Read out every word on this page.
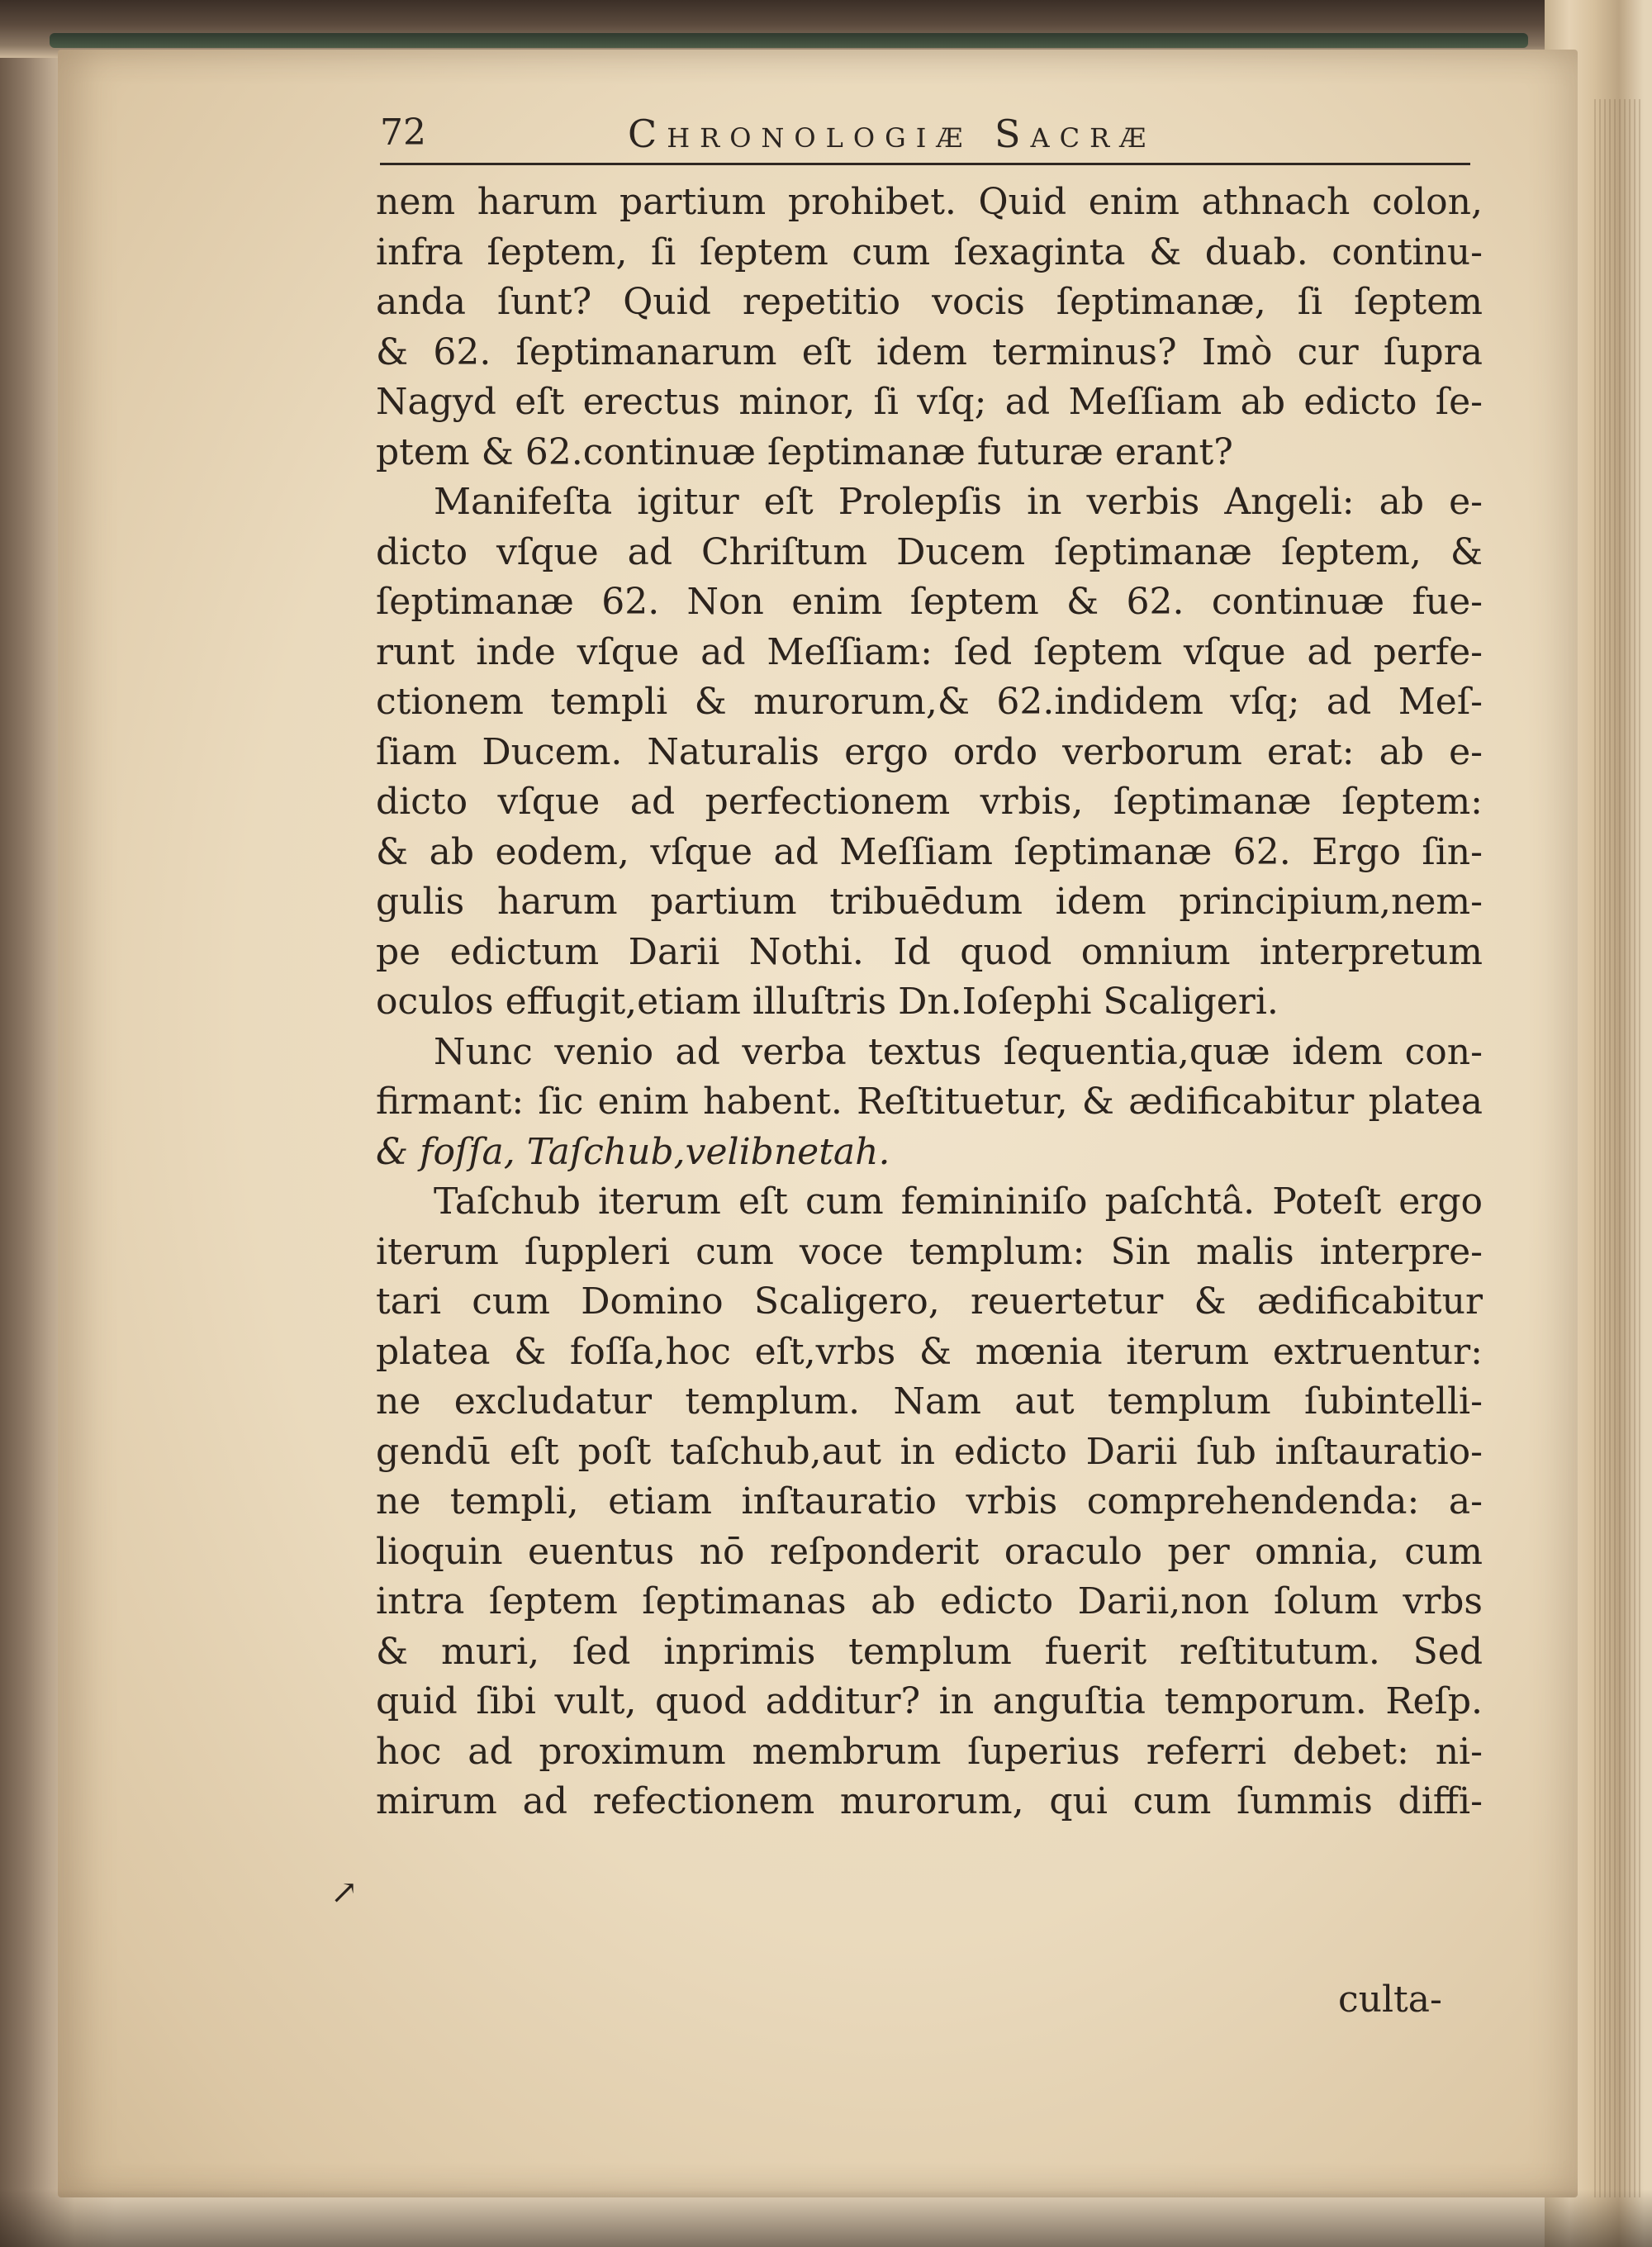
72	Chronologiæ Sacræ
nem harum partium prohibet. Quid enim athnach colon,
infra ſeptem, ſi ſeptem cum ſexaginta & duab. continu-
anda ſunt? Quid repetitio vocis ſeptimanæ, ſi ſeptem
& 62. ſeptimanarum eſt idem terminus? Imò cur ſupra
Nagyd eſt erectus minor, ſi vſq; ad Meſſiam ab edicto ſe-
ptem & 62.continuæ ſeptimanæ futuræ erant?
Manifeſta igitur eſt Prolepſis in verbis Angeli: ab e-
dicto vſque ad Chriſtum Ducem ſeptimanæ ſeptem, &
ſeptimanæ 62. Non enim ſeptem & 62. continuæ fue-
runt inde vſque ad Meſſiam: ſed ſeptem vſque ad perfe-
ctionem templi & murorum,& 62.indidem vſq; ad Meſ-
ſiam Ducem. Naturalis ergo ordo verborum erat: ab e-
dicto vſque ad perfectionem vrbis, ſeptimanæ ſeptem:
& ab eodem, vſque ad Meſſiam ſeptimanæ 62. Ergo ſin-
gulis harum partium tribuēdum idem principium,nem-
pe edictum Darii Nothi. Id quod omnium interpretum
oculos effugit,etiam illuſtris Dn.Ioſephi Scaligeri.
Nunc venio ad verba textus ſequentia,quæ idem con-
firmant: ſic enim habent. Reſtituetur, & ædificabitur platea
& foſſa, Taſchub,velibnetah.
Taſchub iterum eſt cum femininiſo paſchtâ. Poteſt ergo
iterum ſuppleri cum voce templum: Sin malis interpre-
tari cum Domino Scaligero, reuertetur & ædificabitur
platea & foſſa,hoc eſt,vrbs & mœnia iterum extruentur:
ne excludatur templum. Nam aut templum ſubintelli-
gendū eſt poſt taſchub,aut in edicto Darii ſub inſtauratio-
ne templi, etiam inſtauratio vrbis comprehendenda: a-
lioquin euentus nō reſponderit oraculo per omnia, cum
intra ſeptem ſeptimanas ab edicto Darii,non ſolum vrbs
& muri, ſed inprimis templum fuerit reſtitutum. Sed
quid ſibi vult, quod additur? in anguſtia temporum. Reſp.
hoc ad proximum membrum ſuperius referri debet: ni-
mirum ad refectionem murorum, qui cum ſummis diffi-
↗
culta-
